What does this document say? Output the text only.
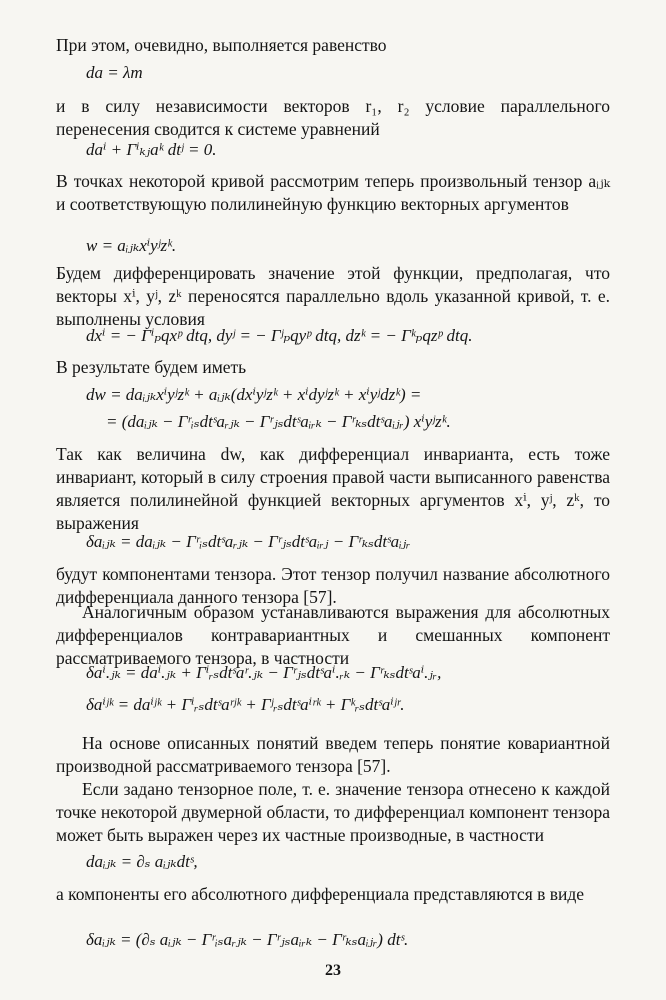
При этом, очевидно, выполняется равенство
da = λm
и в силу независимости векторов r₁, r₂ условие параллельного перенесения сводится к системе уравнений
daⁱ + Γⁱₖⱼaᵏ dtʲ = 0.
В точках некоторой кривой рассмотрим теперь произвольный тензор aᵢⱼₖ и соответствующую полилинейную функцию векторных аргументов
w = aᵢⱼₖxⁱyʲzᵏ.
Будем дифференцировать значение этой функции, предполагая, что векторы xⁱ, yʲ, zᵏ переносятся параллельно вдоль указанной кривой, т. е. выполнены условия
dxⁱ = − Γⁱₚqxᵖ dtq, dyʲ = − Γʲₚqyᵖ dtq, dzᵏ = − Γᵏₚqzᵖ dtq.
В результате будем иметь
dw = daᵢⱼₖxⁱyʲzᵏ + aᵢⱼₖ(dxⁱyʲzᵏ + xⁱdyʲzᵏ + xⁱyʲdzᵏ) =
= (daᵢⱼₖ − Γʳᵢₛdtˢaᵣⱼₖ − Γʳⱼₛdtˢaᵢᵣₖ − Γʳₖₛdtˢaᵢⱼᵣ) xⁱyʲzᵏ.
Так как величина dw, как дифференциал инварианта, есть тоже инвариант, который в силу строения правой части выписанного равенства является полилинейной функцией векторных аргументов xⁱ, yʲ, zᵏ, то выражения
δaᵢⱼₖ = daᵢⱼₖ − Γʳᵢₛdtˢaᵣⱼₖ − Γʳⱼₛdtˢaᵢᵣⱼ − Γʳₖₛdtˢaᵢⱼᵣ
будут компонентами тензора. Этот тензор получил название абсолютного дифференциала данного тензора [57].
Аналогичным образом устанавливаются выражения для абсолютных дифференциалов контравариантных и смешанных компонент рассматриваемого тензора, в частности
δaⁱ.ⱼₖ = daⁱ.ⱼₖ + Γⁱᵣₛdtˢaʳ.ⱼₖ − Γʳⱼₛdtˢaⁱ.ᵣₖ − Γʳₖₛdtˢaⁱ.ⱼᵣ,
δaⁱʲᵏ = daⁱʲᵏ + Γⁱᵣₛdtˢaʳʲᵏ + Γʲᵣₛdtˢaⁱʳᵏ + Γᵏᵣₛdtˢaⁱʲʳ.
На основе описанных понятий введем теперь понятие ковариантной производной рассматриваемого тензора [57].
Если задано тензорное поле, т. е. значение тензора отнесено к каждой точке некоторой двумерной области, то дифференциал компонент тензора может быть выражен через их частные производные, в частности
daᵢⱼₖ = ∂ₛ aᵢⱼₖdtˢ,
а компоненты его абсолютного дифференциала представляются в виде
δaᵢⱼₖ = (∂ₛ aᵢⱼₖ − Γʳᵢₛaᵣⱼₖ − Γʳⱼₛaᵢᵣₖ − Γʳₖₛaᵢⱼᵣ) dtˢ.
23
